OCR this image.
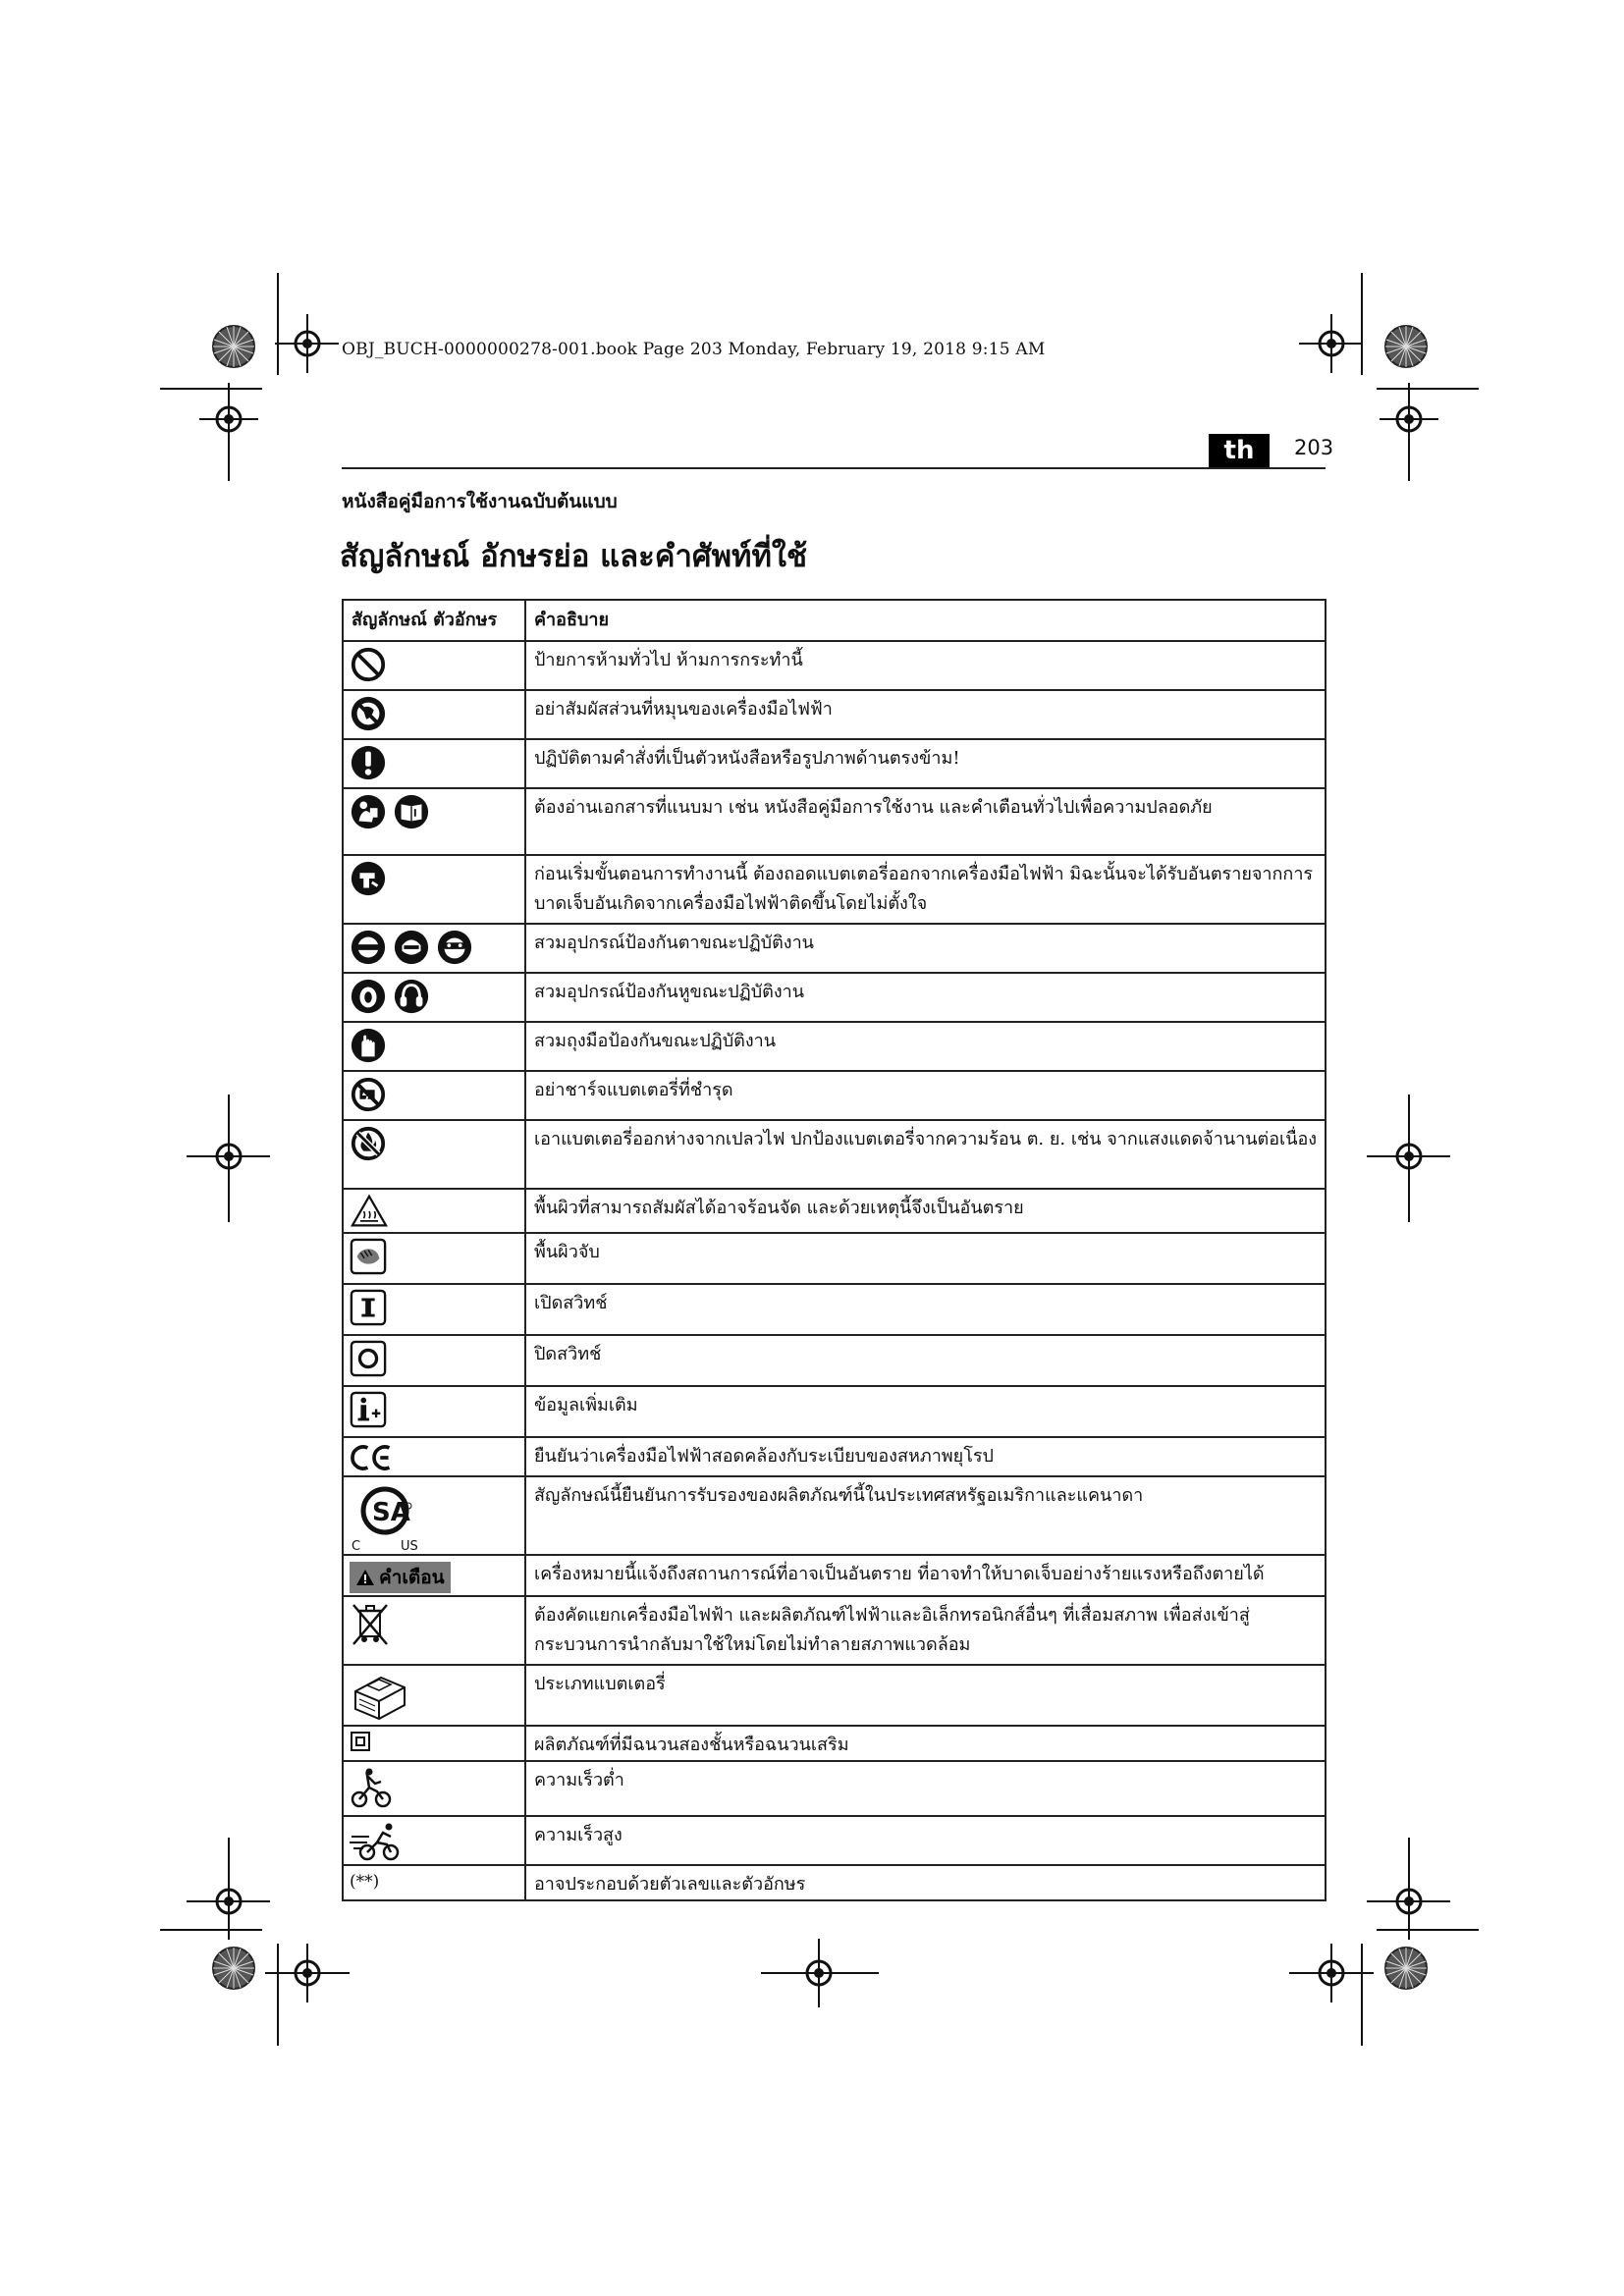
OBJ_BUCH-0000000278-001.book Page 203 Monday, February 19, 2018 9:15 AM
th	203
หนังสือคู่มือการใช้งานฉบับต้นแบบ
สัญลักษณ์ อักษรย่อ และคำศัพท์ที่ใช้
สัญลักษณ์ ตัวอักษร	คำอธิบาย

	ป้ายการห้ามทั่วไป ห้ามการกระทำนี้

	อย่าสัมผัสส่วนที่หมุนของเครื่องมือไฟฟ้า

	ปฏิบัติตามคำสั่งที่เป็นตัวหนังสือหรือรูปภาพด้านตรงข้าม!

	ต้องอ่านเอกสารที่แนบมา เช่น หนังสือคู่มือการใช้งาน และคำเตือนทั่วไปเพื่อความปลอดภัย

	ก่อนเริ่มขั้นตอนการทำงานนี้ ต้องถอดแบตเตอรี่ออกจากเครื่องมือไฟฟ้า มิฉะนั้นจะได้รับอันตรายจากการบาดเจ็บอันเกิดจากเครื่องมือไฟฟ้าติดขึ้นโดยไม่ตั้งใจ

	สวมอุปกรณ์ป้องกันตาขณะปฏิบัติงาน

	สวมอุปกรณ์ป้องกันหูขณะปฏิบัติงาน

	สวมถุงมือป้องกันขณะปฏิบัติงาน

	อย่าชาร์จแบตเตอรี่ที่ชำรุด

	เอาแบตเตอรี่ออกห่างจากเปลวไฟ ปกป้องแบตเตอรี่จากความร้อน ต. ย. เช่น จากแสงแดดจ้านานต่อเนื่อง

	พื้นผิวที่สามารถสัมผัสได้อาจร้อนจัด และด้วยเหตุนี้จึงเป็นอันตราย

	พื้นผิวจับ

	เปิดสวิทช์

	ปิดสวิทช์

	ข้อมูลเพิ่มเติม

	ยืนยันว่าเครื่องมือไฟฟ้าสอดคล้องกับระเบียบของสหภาพยุโรป

SA
C US	สัญลักษณ์นี้ยืนยันการรับรองของผลิตภัณฑ์นี้ในประเทศสหรัฐอเมริกาและแคนาดา

คำเตือน	เครื่องหมายนี้แจ้งถึงสถานการณ์ที่อาจเป็นอันตราย ที่อาจทำให้บาดเจ็บอย่างร้ายแรงหรือถึงตายได้

	ต้องคัดแยกเครื่องมือไฟฟ้า และผลิตภัณฑ์ไฟฟ้าและอิเล็กทรอนิกส์อื่นๆ ที่เสื่อมสภาพ เพื่อส่งเข้าสู่กระบวนการนำกลับมาใช้ใหม่โดยไม่ทำลายสภาพแวดล้อม

	ประเภทแบตเตอรี่

	ผลิตภัณฑ์ที่มีฉนวนสองชั้นหรือฉนวนเสริม

	ความเร็วต่ำ

	ความเร็วสูง

(**)	อาจประกอบด้วยตัวเลขและตัวอักษร
